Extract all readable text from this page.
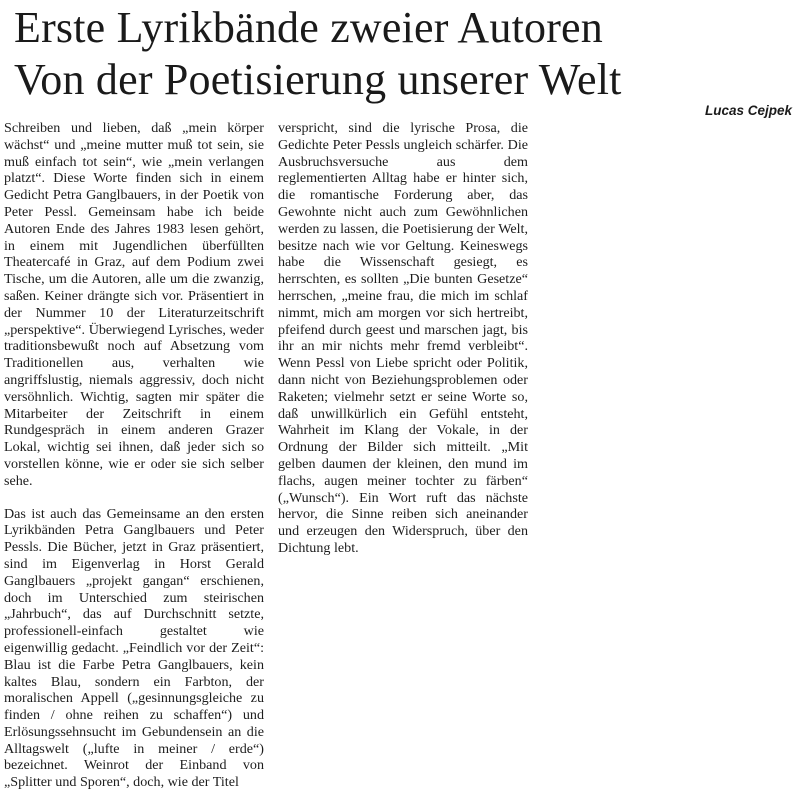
Erste Lyrikbände zweier Autoren
Von der Poetisierung unserer Welt

Schreiben und lieben, daß „mein körper wächst“ und „meine mutter muß tot sein, sie muß einfach tot sein“, wie „mein verlangen platzt“. Diese Worte finden sich in einem Gedicht Petra Ganglbauers, in der Poetik von Peter Pessl. Gemeinsam habe ich beide Autoren Ende des Jahres 1983 lesen gehört, in einem mit Jugendlichen überfüllten Theatercafé in Graz, auf dem Podium zwei Tische, um die Autoren, alle um die zwanzig, saßen. Keiner drängte sich vor. Präsentiert in der Nummer 10 der Literaturzeitschrift „perspektive“. Überwiegend Lyrisches, weder traditionsbewußt noch auf Absetzung vom Traditionellen aus, verhalten wie angriffslustig, niemals aggressiv, doch nicht versöhnlich. Wichtig, sagten mir später die Mitarbeiter der Zeitschrift in einem Rundgespräch in einem anderen Grazer Lokal, wichtig sei ihnen, daß jeder sich so vorstellen könne, wie er oder sie sich selber sehe.

Das ist auch das Gemeinsame an den ersten Lyrikbänden Petra Ganglbauers und Peter Pessls. Die Bücher, jetzt in Graz präsentiert, sind im Eigenverlag in Horst Gerald Ganglbauers „projekt gangan“ erschienen, doch im Unterschied zum steirischen „Jahrbuch“, das auf Durchschnitt setzte, professionell-einfach gestaltet wie eigenwillig gedacht. „Feindlich vor der Zeit“: Blau ist die Farbe Petra Ganglbauers, kein kaltes Blau, sondern ein Farbton, der moralischen Appell („gesinnungsgleiche zu finden / ohne reihen zu schaffen“) und Erlösungssehnsucht im Gebundensein an die Alltagswelt („lufte in meiner / erde“) bezeichnet. Weinrot der Einband von „Splitter und Sporen“, doch, wie der Titel

verspricht, sind die lyrische Prosa, die Gedichte Peter Pessls ungleich schärfer. Die Ausbruchsversuche aus dem reglementierten Alltag habe er hinter sich, die romantische Forderung aber, das Gewohnte nicht auch zum Gewöhnlichen werden zu lassen, die Poetisierung der Welt, besitze nach wie vor Geltung. Keineswegs habe die Wissenschaft gesiegt, es herrschten, es sollten „Die bunten Gesetze“ herrschen, „meine frau, die mich im schlaf nimmt, mich am morgen vor sich hertreibt, pfeifend durch geest und marschen jagt, bis ihr an mir nichts mehr fremd verbleibt“. Wenn Pessl von Liebe spricht oder Politik, dann nicht von Beziehungsproblemen oder Raketen; vielmehr setzt er seine Worte so, daß unwillkürlich ein Gefühl entsteht, Wahrheit im Klang der Vokale, in der Ordnung der Bilder sich mitteilt. „Mit gelben daumen der kleinen, den mund im flachs, augen meiner tochter zu färben“ („Wunsch“). Ein Wort ruft das nächste hervor, die Sinne reiben sich aneinander und erzeugen den Widerspruch, über den Dichtung lebt.

Lucas Cejpek
